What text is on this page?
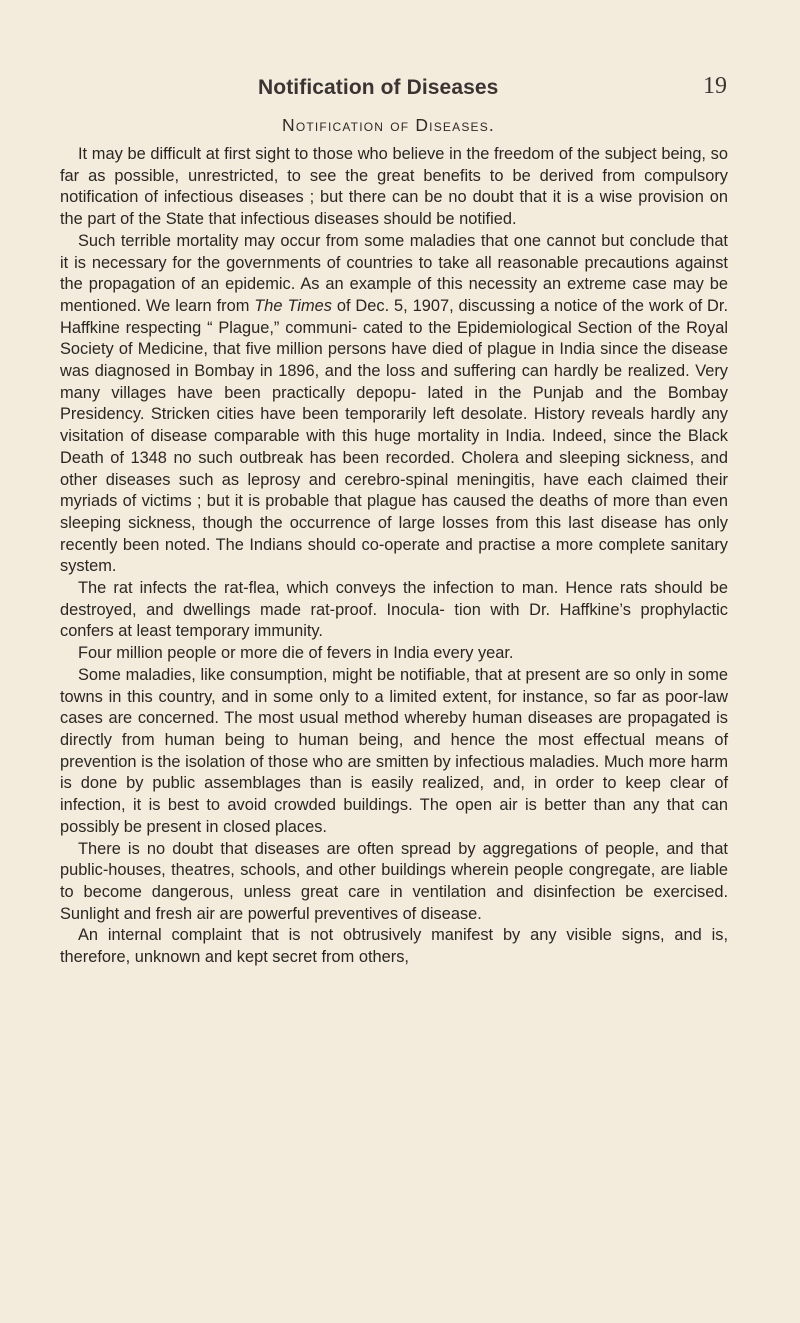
Notification of Diseases	19
Notification of Diseases.

It may be difficult at first sight to those who believe in the freedom of the subject being, so far as possible, unrestricted, to see the great benefits to be derived from compulsory notification of infectious diseases ; but there can be no doubt that it is a wise provision on the part of the State that infectious diseases should be notified.

Such terrible mortality may occur from some maladies that one cannot but conclude that it is necessary for the governments of countries to take all reasonable precautions against the propagation of an epidemic. As an example of this necessity an extreme case may be mentioned. We learn from The Times of Dec. 5, 1907, discussing a notice of the work of Dr. Haffkine respecting “ Plague,” communi- cated to the Epidemiological Section of the Royal Society of Medicine, that five million persons have died of plague in India since the disease was diagnosed in Bombay in 1896, and the loss and suffering can hardly be realized. Very many villages have been practically depopu- lated in the Punjab and the Bombay Presidency. Stricken cities have been temporarily left desolate. History reveals hardly any visitation of disease comparable with this huge mortality in India. Indeed, since the Black Death of 1348 no such outbreak has been recorded. Cholera and sleeping sickness, and other diseases such as leprosy and cerebro-spinal meningitis, have each claimed their myriads of victims ; but it is probable that plague has caused the deaths of more than even sleeping sickness, though the occurrence of large losses from this last disease has only recently been noted. The Indians should co-operate and practise a more complete sanitary system.

The rat infects the rat-flea, which conveys the infection to man. Hence rats should be destroyed, and dwellings made rat-proof. Inocula- tion with Dr. Haffkine’s prophylactic confers at least temporary immunity.

Four million people or more die of fevers in India every year.

Some maladies, like consumption, might be notifiable, that at present are so only in some towns in this country, and in some only to a limited extent, for instance, so far as poor-law cases are concerned. The most usual method whereby human diseases are propagated is directly from human being to human being, and hence the most effectual means of prevention is the isolation of those who are smitten by infectious maladies. Much more harm is done by public assemblages than is easily realized, and, in order to keep clear of infection, it is best to avoid crowded buildings. The open air is better than any that can possibly be present in closed places.

There is no doubt that diseases are often spread by aggregations of people, and that public-houses, theatres, schools, and other buildings wherein people congregate, are liable to become dangerous, unless great care in ventilation and disinfection be exercised. Sunlight and fresh air are powerful preventives of disease.

An internal complaint that is not obtrusively manifest by any visible signs, and is, therefore, unknown and kept secret from others,
